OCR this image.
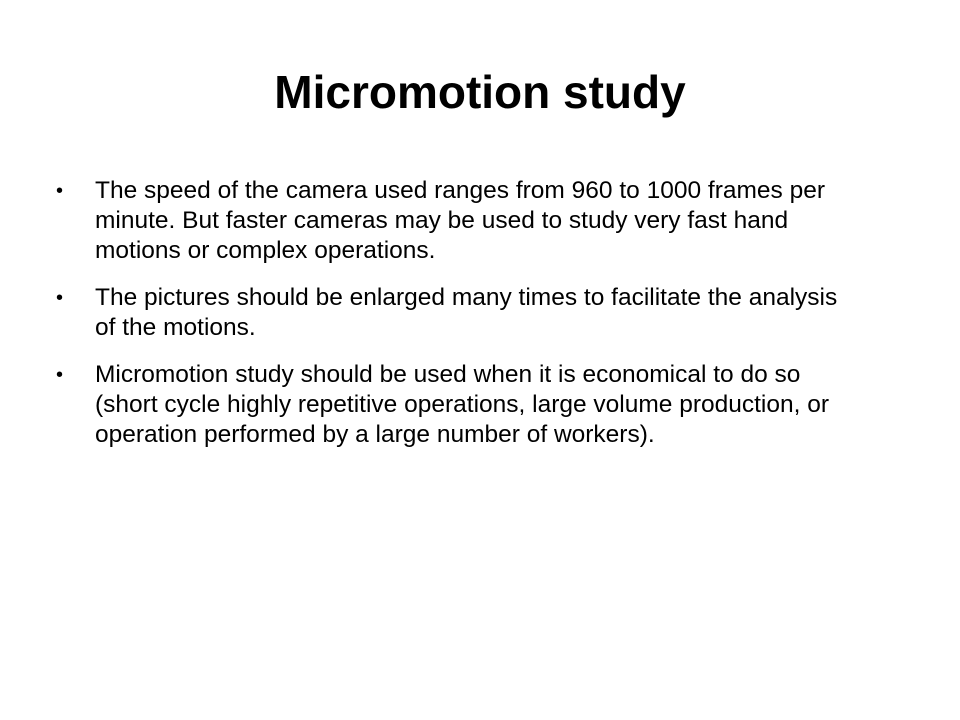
Micromotion study
• The speed of the camera used ranges from 960 to 1000 frames per minute. But faster cameras may be used to study very fast hand motions or complex operations.
• The pictures should be enlarged many times to facilitate the analysis of the motions.
• Micromotion study should be used when it is economical to do so (short cycle highly repetitive operations, large volume production, or operation performed by a large number of workers).
